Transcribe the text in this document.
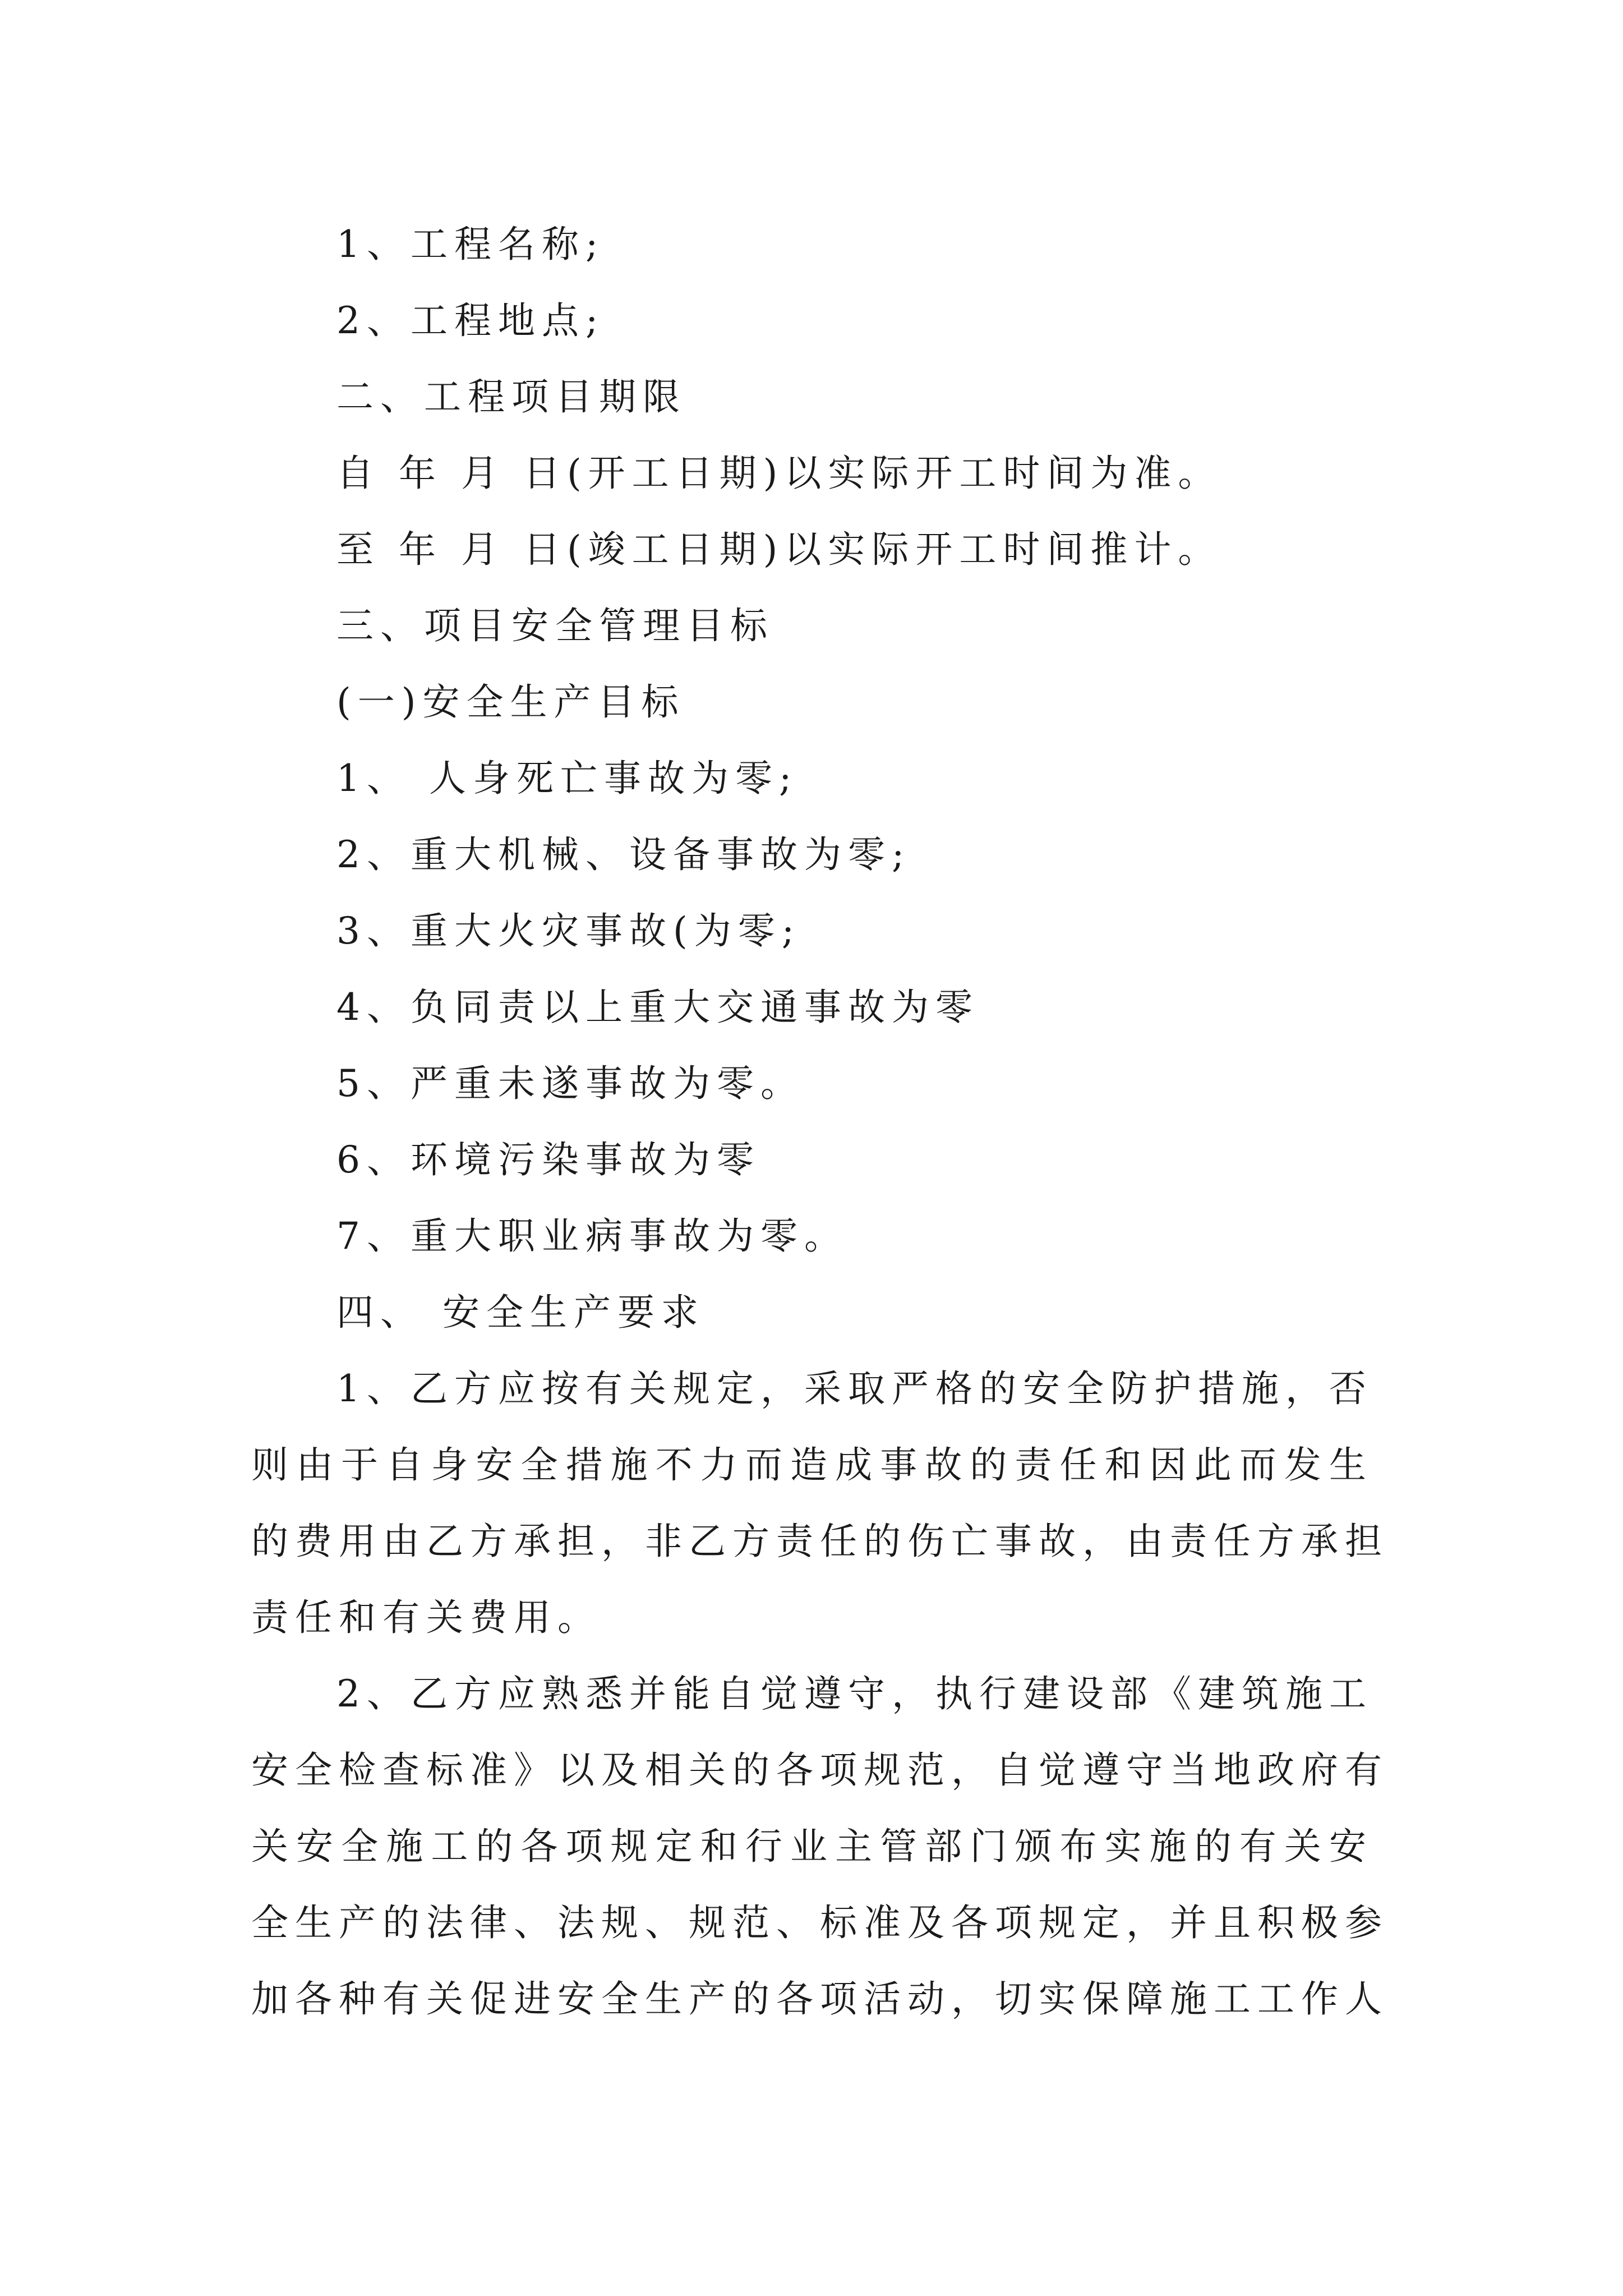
1、工程名称;
2、工程地点;
二、工程项目期限
自 年 月 日(开工日期)以实际开工时间为准。
至 年 月 日(竣工日期)以实际开工时间推计。
三、项目安全管理目标
(一)安全生产目标
1、 人身死亡事故为零;
2、重大机械、设备事故为零;
3、重大火灾事故(为零;
4、负同责以上重大交通事故为零
5、严重未遂事故为零。
6、环境污染事故为零
7、重大职业病事故为零。
四、 安全生产要求
1、乙方应按有关规定，采取严格的安全防护措施，否
则由于自身安全措施不力而造成事故的责任和因此而发生
的费用由乙方承担，非乙方责任的伤亡事故，由责任方承担
责任和有关费用。
2、乙方应熟悉并能自觉遵守，执行建设部《建筑施工
安全检查标准》以及相关的各项规范，自觉遵守当地政府有
关安全施工的各项规定和行业主管部门颁布实施的有关安
全生产的法律、法规、规范、标准及各项规定，并且积极参
加各种有关促进安全生产的各项活动，切实保障施工工作人
